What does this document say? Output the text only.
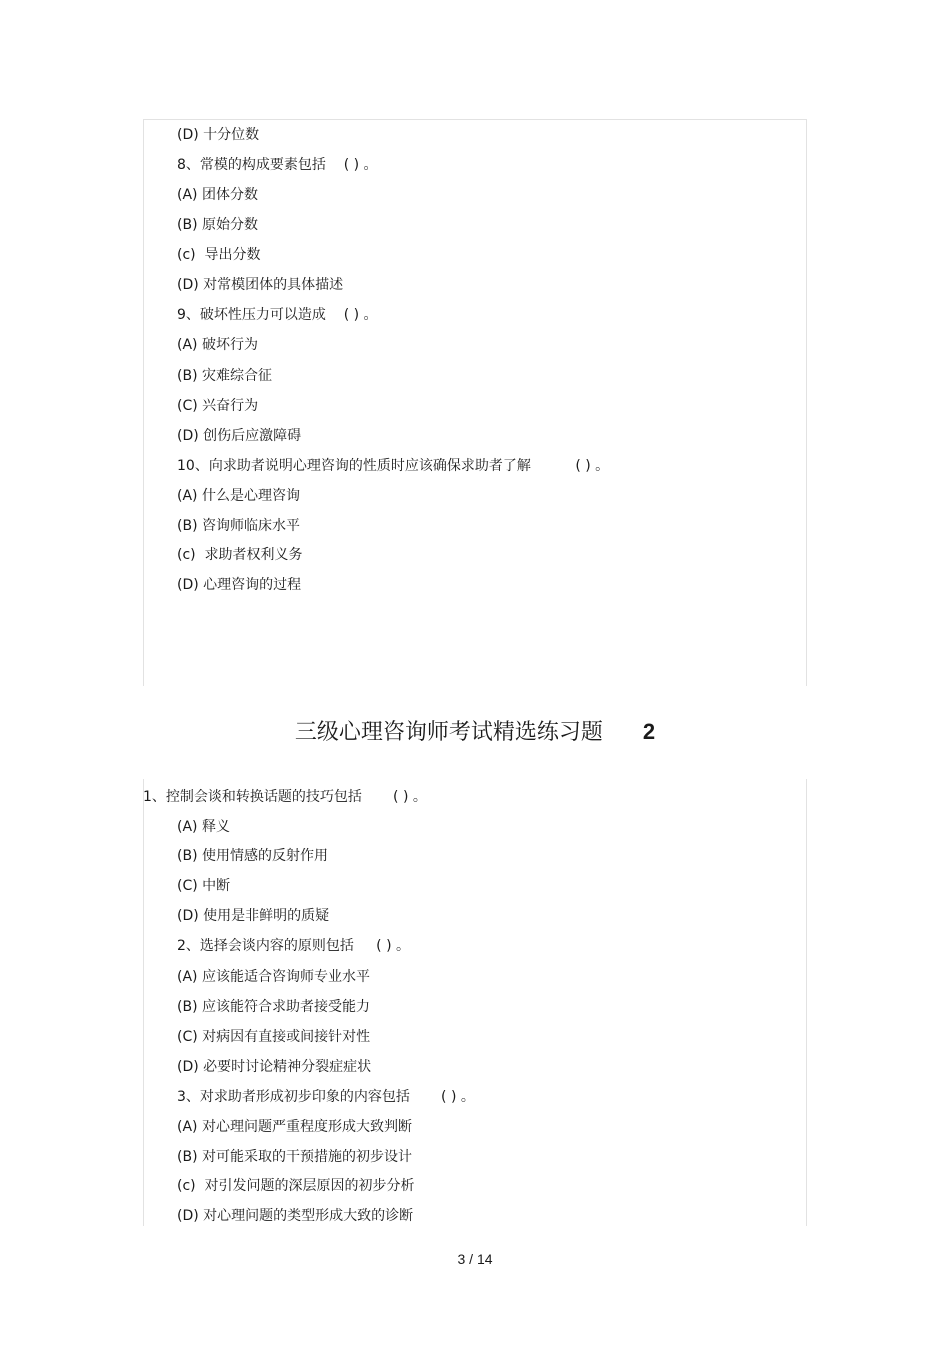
(D) 十分位数
8、常模的构成要素包括    ( ) 。
(A) 团体分数
(B) 原始分数
(c)  导出分数
(D) 对常模团体的具体描述
9、破坏性压力可以造成    ( ) 。
(A) 破坏行为
(B) 灾难综合征
(C) 兴奋行为
(D) 创伤后应激障碍
10、向求助者说明心理咨询的性质时应该确保求助者了解          ( ) 。
(A) 什么是心理咨询
(B) 咨询师临床水平
(c)  求助者权利义务
(D) 心理咨询的过程
三级心理咨询师考试精选练习题 2
1、控制会谈和转换话题的技巧包括       ( ) 。
(A) 释义
(B) 使用情感的反射作用
(C) 中断
(D) 使用是非鲜明的质疑
2、选择会谈内容的原则包括     ( ) 。
(A) 应该能适合咨询师专业水平
(B) 应该能符合求助者接受能力
(C) 对病因有直接或间接针对性
(D) 必要时讨论精神分裂症症状
3、对求助者形成初步印象的内容包括       ( ) 。
(A) 对心理问题严重程度形成大致判断
(B) 对可能采取的干预措施的初步设计
(c)  对引发问题的深层原因的初步分析
(D) 对心理问题的类型形成大致的诊断
3 / 14
